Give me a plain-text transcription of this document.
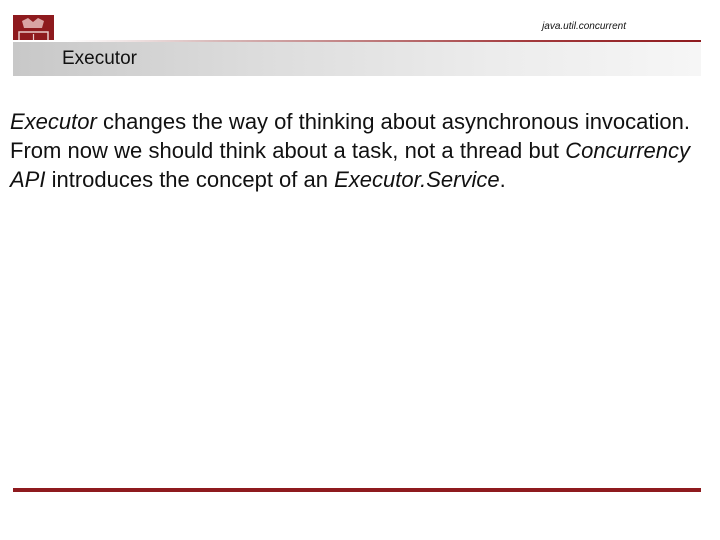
java.util.concurrent
Executor

Executor changes the way of thinking about asynchronous invocation. From now we should think about a task, not a thread but Concurrency API introduces the concept of an Executor.Service.
